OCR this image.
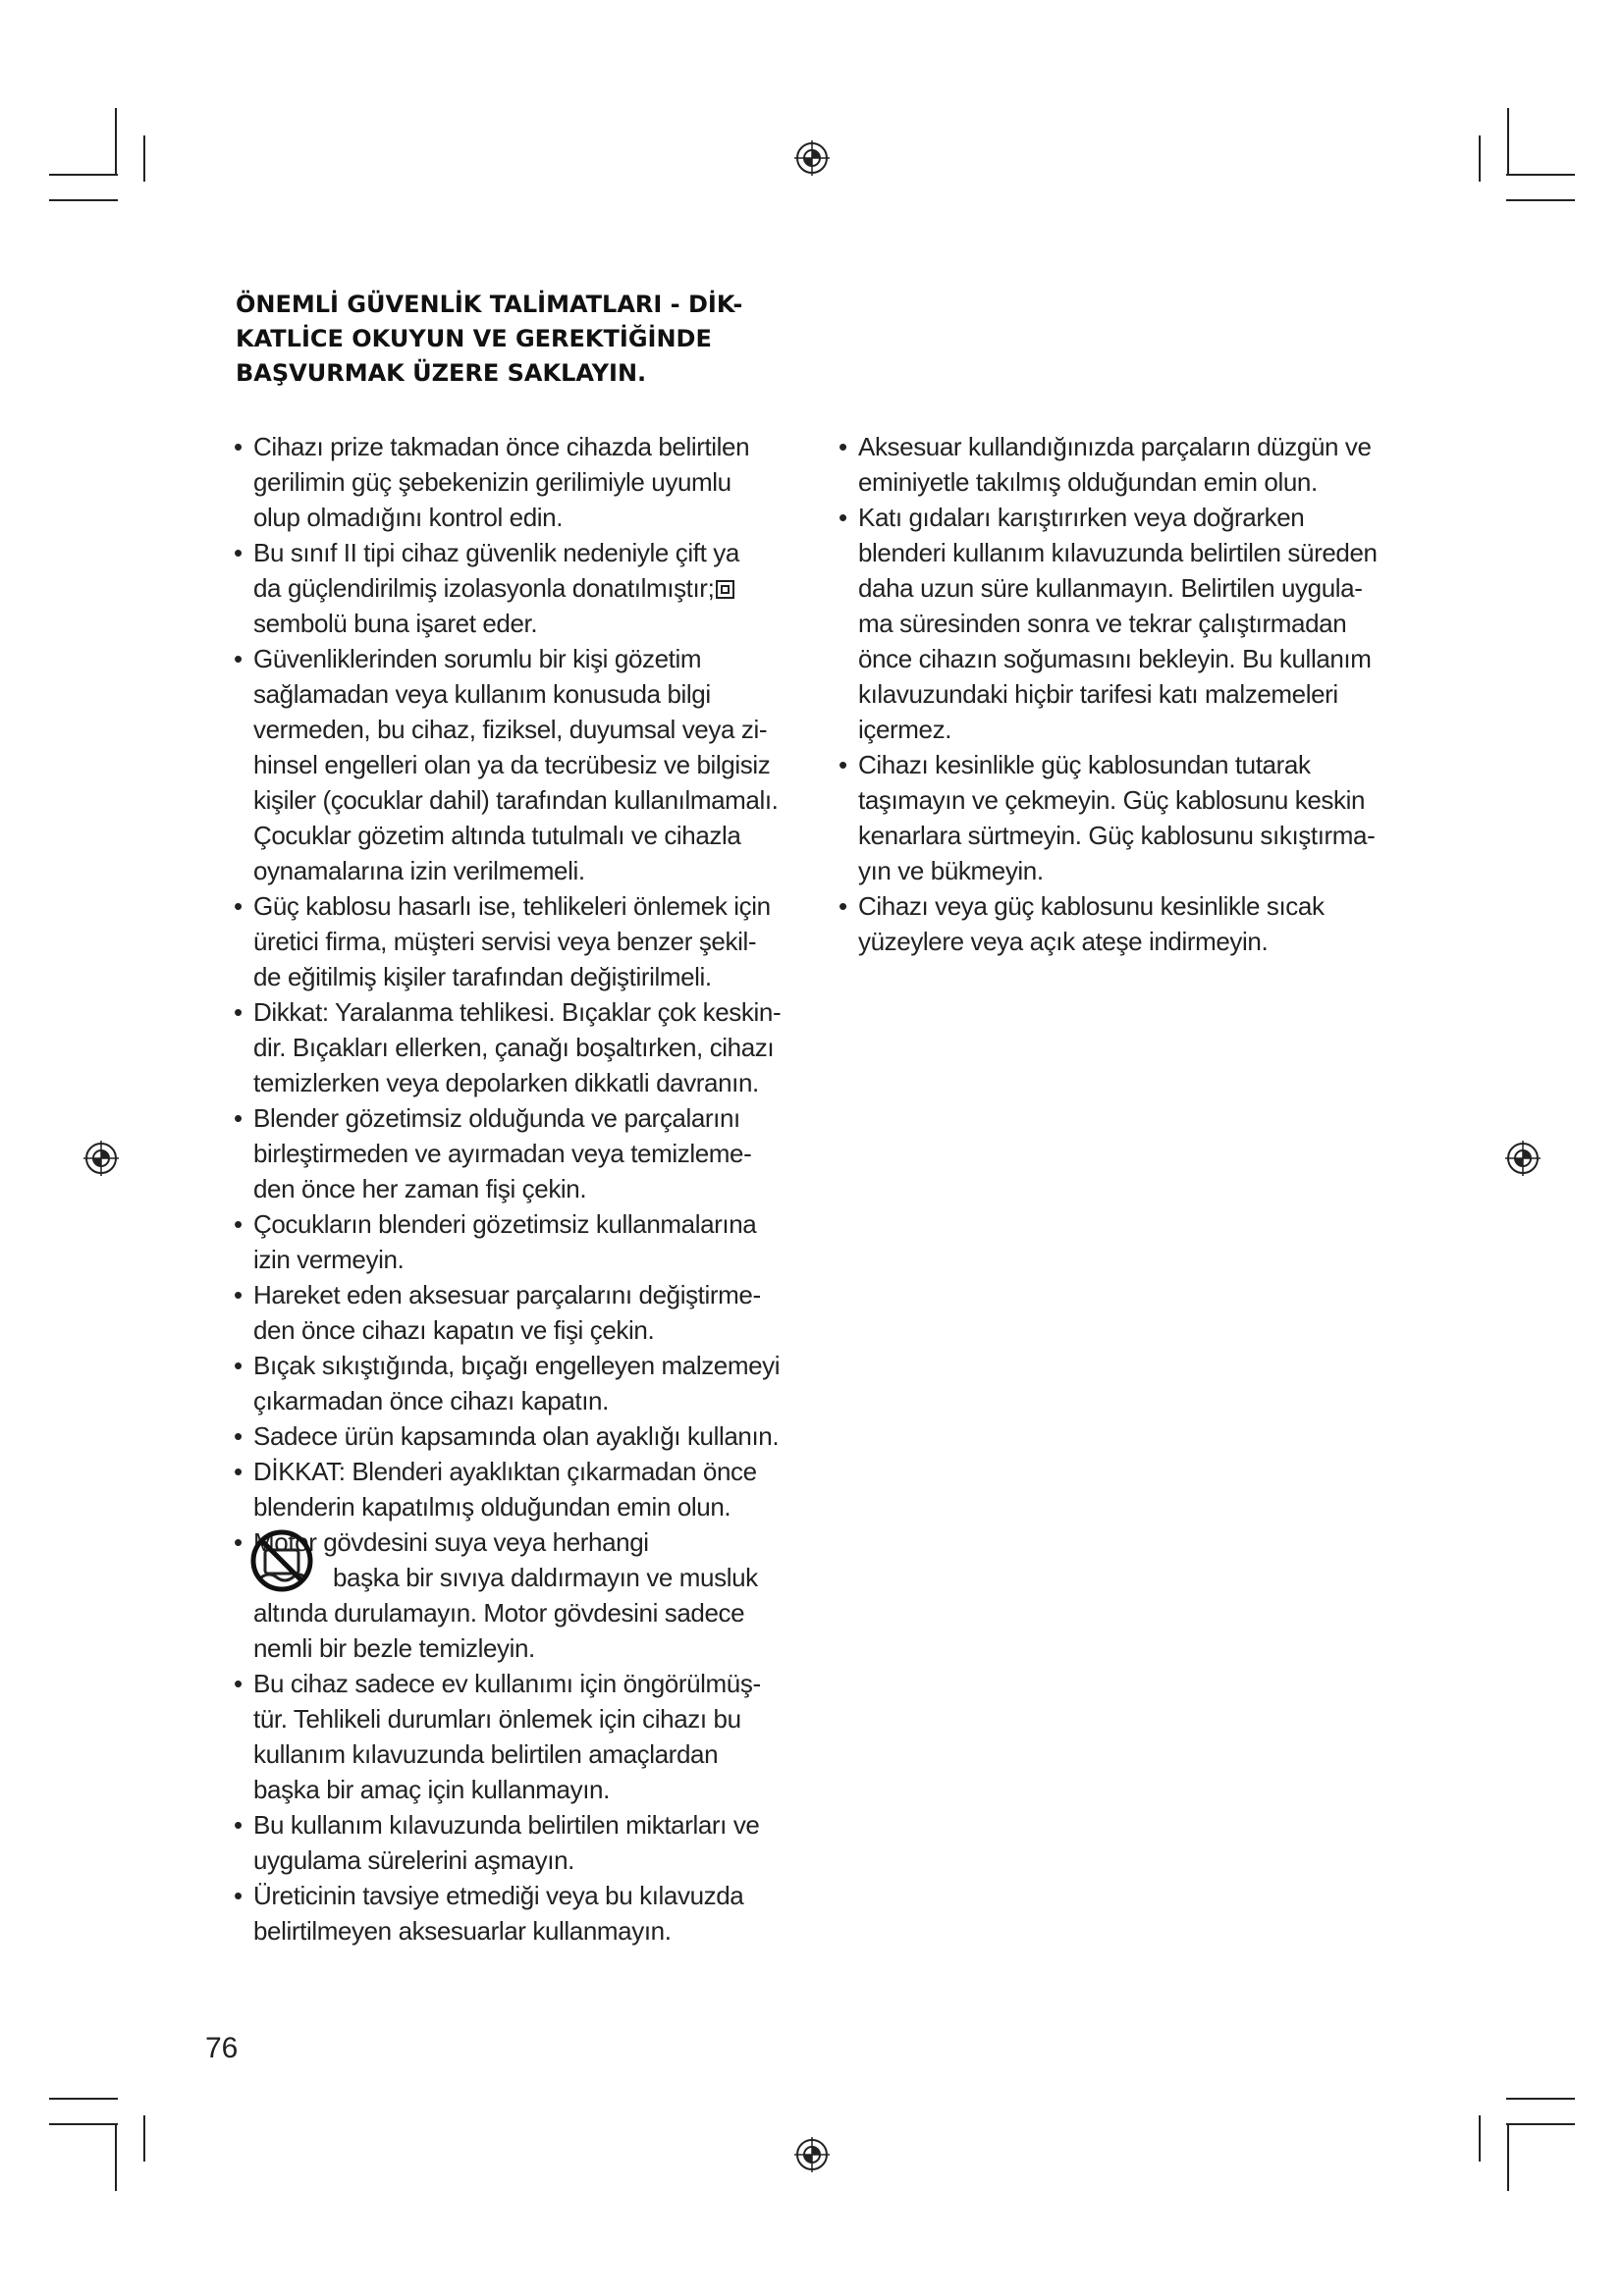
ÖNEMLİ GÜVENLİK TALİMATLARI - DİK-
KATLİCE OKUYUN VE GEREKTİĞİNDE
BAŞVURMAK ÜZERE SAKLAYIN.
• Cihazı prize takmadan önce cihazda belirtilen
gerilimin güç şebekenizin gerilimiyle uyumlu
olup olmadığını kontrol edin.
• Bu sınıf II tipi cihaz güvenlik nedeniyle çift ya
da güçlendirilmiş izolasyonla donatılmıştır;
sembolü buna işaret eder.
• Güvenliklerinden sorumlu bir kişi gözetim
sağlamadan veya kullanım konusuda bilgi
vermeden, bu cihaz, fiziksel, duyumsal veya zi-
hinsel engelleri olan ya da tecrübesiz ve bilgisiz
kişiler (çocuklar dahil) tarafından kullanılmamalı.
Çocuklar gözetim altında tutulmalı ve cihazla
oynamalarına izin verilmemeli.
• Güç kablosu hasarlı ise, tehlikeleri önlemek için
üretici firma, müşteri servisi veya benzer şekil-
de eğitilmiş kişiler tarafından değiştirilmeli.
• Dikkat: Yaralanma tehlikesi. Bıçaklar çok keskin-
dir. Bıçakları ellerken, çanağı boşaltırken, cihazı
temizlerken veya depolarken dikkatli davranın.
• Blender gözetimsiz olduğunda ve parçalarını
birleştirmeden ve ayırmadan veya temizleme-
den önce her zaman fişi çekin.
• Çocukların blenderi gözetimsiz kullanmalarına
izin vermeyin.
• Hareket eden aksesuar parçalarını değiştirme-
den önce cihazı kapatın ve fişi çekin.
• Bıçak sıkıştığında, bıçağı engelleyen malzemeyi
çıkarmadan önce cihazı kapatın.
• Sadece ürün kapsamında olan ayaklığı kullanın.
• DİKKAT: Blenderi ayaklıktan çıkarmadan önce
blenderin kapatılmış olduğundan emin olun.
• Motor gövdesini suya veya herhangi
başka bir sıvıya daldırmayın ve musluk
altında durulamayın. Motor gövdesini sadece
nemli bir bezle temizleyin.
• Bu cihaz sadece ev kullanımı için öngörülmüş-
tür. Tehlikeli durumları önlemek için cihazı bu
kullanım kılavuzunda belirtilen amaçlardan
başka bir amaç için kullanmayın.
• Bu kullanım kılavuzunda belirtilen miktarları ve
uygulama sürelerini aşmayın.
• Üreticinin tavsiye etmediği veya bu kılavuzda
belirtilmeyen aksesuarlar kullanmayın.
• Aksesuar kullandığınızda parçaların düzgün ve
eminiyetle takılmış olduğundan emin olun.
• Katı gıdaları karıştırırken veya doğrarken
blenderi kullanım kılavuzunda belirtilen süreden
daha uzun süre kullanmayın. Belirtilen uygula-
ma süresinden sonra ve tekrar çalıştırmadan
önce cihazın soğumasını bekleyin. Bu kullanım
kılavuzundaki hiçbir tarifesi katı malzemeleri
içermez.
• Cihazı kesinlikle güç kablosundan tutarak
taşımayın ve çekmeyin. Güç kablosunu keskin
kenarlara sürtmeyin. Güç kablosunu sıkıştırma-
yın ve bükmeyin.
• Cihazı veya güç kablosunu kesinlikle sıcak
yüzeylere veya açık ateşe indirmeyin.
76
